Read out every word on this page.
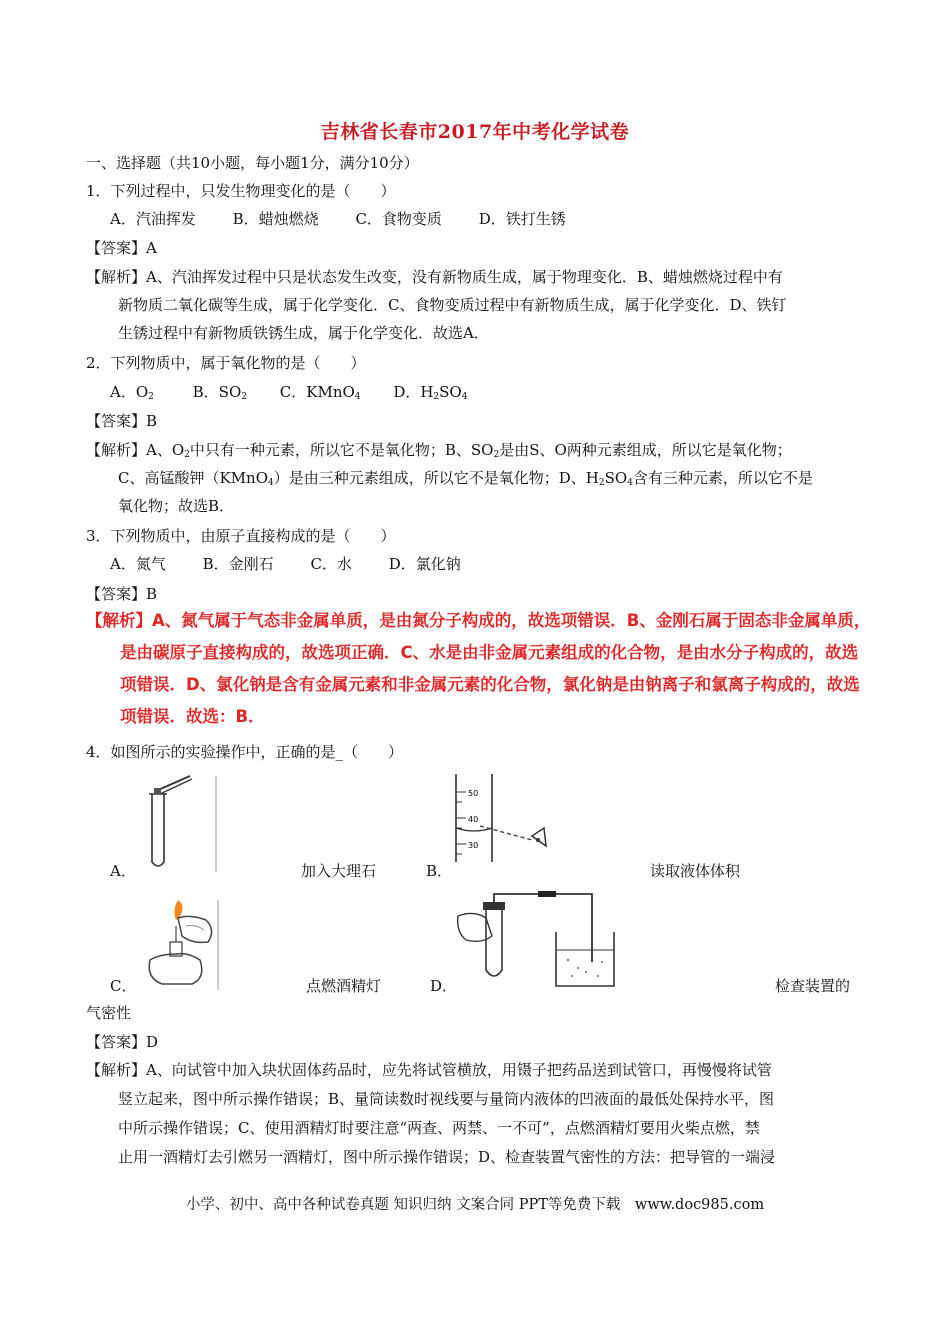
吉林省长春市2017年中考化学试卷
一、选择题（共10小题，每小题1分，满分10分）
1．下列过程中，只发生物理变化的是（　　）
A．汽油挥发 B．蜡烛燃烧 C．食物变质 D．铁打生锈
【答案】A
【解析】A、汽油挥发过程中只是状态发生改变，没有新物质生成，属于物理变化．B、蜡烛燃烧过程中有
新物质二氧化碳等生成，属于化学变化．C、食物变质过程中有新物质生成，属于化学变化．D、铁钉
生锈过程中有新物质铁锈生成，属于化学变化．故选A．
2．下列物质中，属于氧化物的是（　　）
A．$O_2$	B．$SO_2$ C．KMnO$_4$ D．$H_2SO_4$
【答案】B
【解析】A、$O_2$中只有一种元素，所以它不是氧化物；B、$SO_2$是由S、O两种元素组成，所以它是氧化物；
C、高锰酸钾（KMnO$_4$）是由三种元素组成，所以它不是氧化物；D、$H_2SO_4$含有三种元素，所以它不是
氧化物；故选B．
3．下列物质中，由原子直接构成的是（　　）
A．氮气 B．金刚石 C．水 D．氯化钠
【答案】B
【解析】A、氮气属于气态非金属单质，是由氮分子构成的，故选项错误．B、金刚石属于固态非金属单质，
是由碳原子直接构成的，故选项正确．C、水是由非金属元素组成的化合物，是由水分子构成的，故选
项错误．D、氯化钠是含有金属元素和非金属元素的化合物，氯化钠是由钠离子和氯离子构成的，故选
项错误．故选：B．
4．如图所示的实验操作中，正确的是_（　　）
A．	加入大理石
50
40
30
B．	读取液体体积
C．	点燃酒精灯	D．	检查装置的
气密性
【答案】D
【解析】A、向试管中加入块状固体药品时，应先将试管横放，用镊子把药品送到试管口，再慢慢将试管
竖立起来，图中所示操作错误；B、量筒读数时视线要与量筒内液体的凹液面的最低处保持水平，图
中所示操作错误；C、使用酒精灯时要注意“两查、两禁、一不可”，点燃酒精灯要用火柴点燃，禁
止用一酒精灯去引燃另一酒精灯，图中所示操作错误；D、检查装置气密性的方法：把导管的一端浸
小学、初中、高中各种试卷真题 知识归纳 文案合同 PPT等免费下载　www.doc985.com
